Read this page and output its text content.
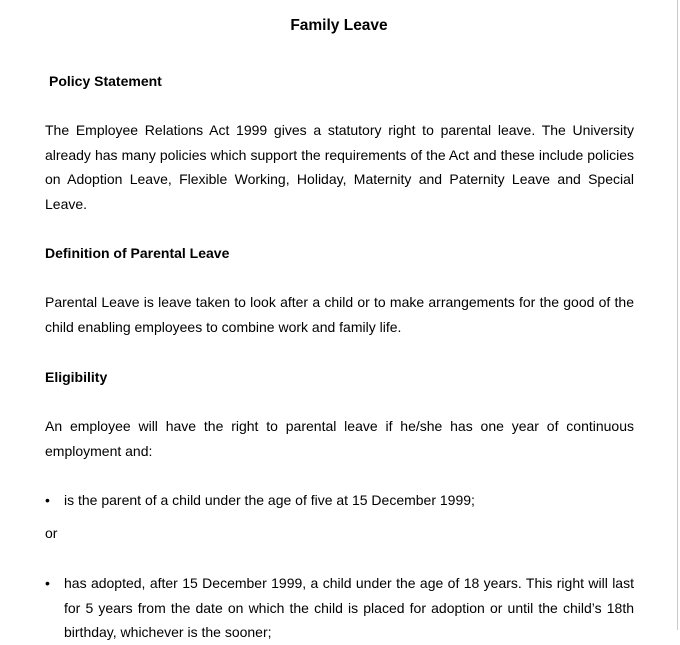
Family Leave
Policy Statement

The Employee Relations Act 1999 gives a statutory right to parental leave. The University already has many policies which support the requirements of the Act and these include policies on Adoption Leave, Flexible Working, Holiday, Maternity and Paternity Leave and Special Leave.

Definition of Parental Leave

Parental Leave is leave taken to look after a child or to make arrangements for the good of the child enabling employees to combine work and family life.

Eligibility

An employee will have the right to parental leave if he/she has one year of continuous employment and:

• is the parent of a child under the age of five at 15 December 1999;

or
• has adopted, after 15 December 1999, a child under the age of 18 years. This right will last for 5 years from the date on which the child is placed for adoption or until the child’s 18th birthday, whichever is the sooner;
